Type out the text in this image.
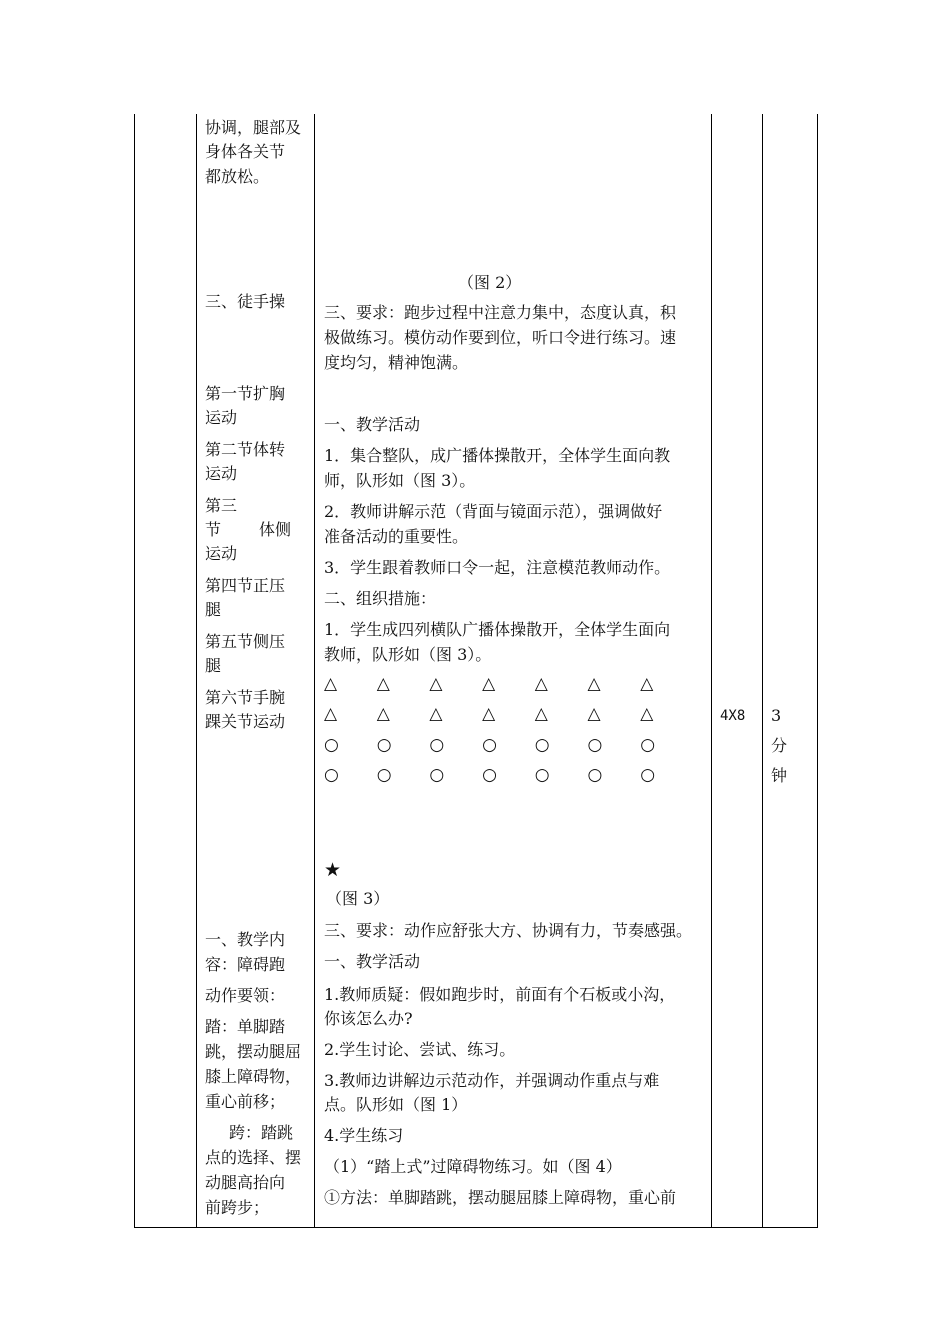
协调，腿部及
身体各关节
都放松。
三、徒手操
第一节扩胸
运动
第二节体转
运动
第三
节 体侧
运动
第四节正压
腿
第五节侧压
腿
第六节手腕
踝关节运动
一、教学内
容：障碍跑
动作要领：
踏：单脚踏
跳，摆动腿屈
膝上障碍物，
重心前移；
跨：踏跳
点的选择、摆
动腿高抬向
前跨步；
（图 2）
三、要求：跑步过程中注意力集中，态度认真，积
极做练习。模仿动作要到位，听口令进行练习。速
度均匀，精神饱满。
一、教学活动
1．集合整队，成广播体操散开，全体学生面向教
师，队形如（图 3）。
2．教师讲解示范（背面与镜面示范），强调做好
准备活动的重要性。
3．学生跟着教师口令一起，注意模范教师动作。
二、组织措施：
1．学生成四列横队广播体操散开，全体学生面向
教师，队形如（图 3）。
△ △ △ △ △ △ △
△ △ △ △ △ △ △
○ ○ ○ ○ ○ ○ ○
○ ○ ○ ○ ○ ○ ○
★
（图 3）
三、要求：动作应舒张大方、协调有力，节奏感强。
一、教学活动
1.教师质疑：假如跑步时，前面有个石板或小沟，
你该怎么办?
2.学生讨论、尝试、练习。
3.教师边讲解边示范动作，并强调动作重点与难
点。队形如（图 1）
4.学生练习
（1）“踏上式”过障碍物练习。如（图 4）
①方法：单脚踏跳，摆动腿屈膝上障碍物，重心前
4X8 3
分
钟
